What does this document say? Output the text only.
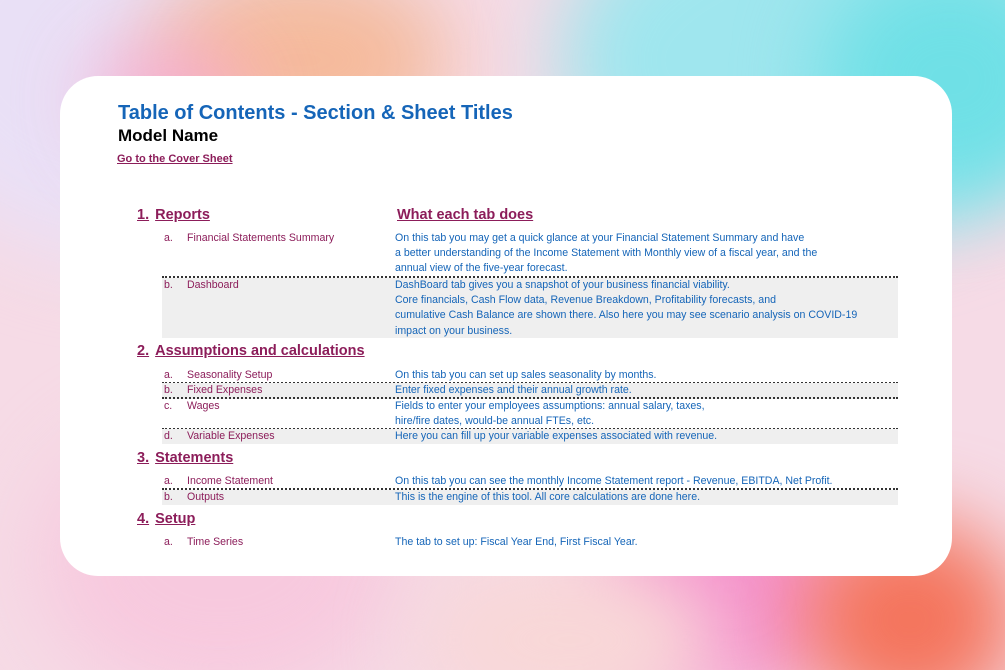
Table of Contents - Section & Sheet Titles
Model Name
Go to the Cover Sheet
1. Reports	What each tab does
a. Financial Statements Summary	On this tab you may get a quick glance at your Financial Statement Summary and have
a better understanding of the Income Statement with Monthly view of a fiscal year, and the
annual view of the five-year forecast.
b. Dashboard	DashBoard tab gives you a snapshot of your business financial viability.
Core financials, Cash Flow data, Revenue Breakdown, Profitability forecasts, and
cumulative Cash Balance are shown there. Also here you may see scenario analysis on COVID-19
impact on your business.
2. Assumptions and calculations
a. Seasonality Setup	On this tab you can set up sales seasonality by months.
b. Fixed Expenses	Enter fixed expenses and their annual growth rate.
c. Wages	Fields to enter your employees assumptions: annual salary, taxes,
hire/fire dates, would-be annual FTEs, etc.
d. Variable Expenses	Here you can fill up your variable expenses associated with revenue.
3. Statements
a. Income Statement	On this tab you can see the monthly Income Statement report - Revenue, EBITDA, Net Profit.
b. Outputs	This is the engine of this tool. All core calculations are done here.
4. Setup
a. Time Series	The tab to set up: Fiscal Year End, First Fiscal Year.
